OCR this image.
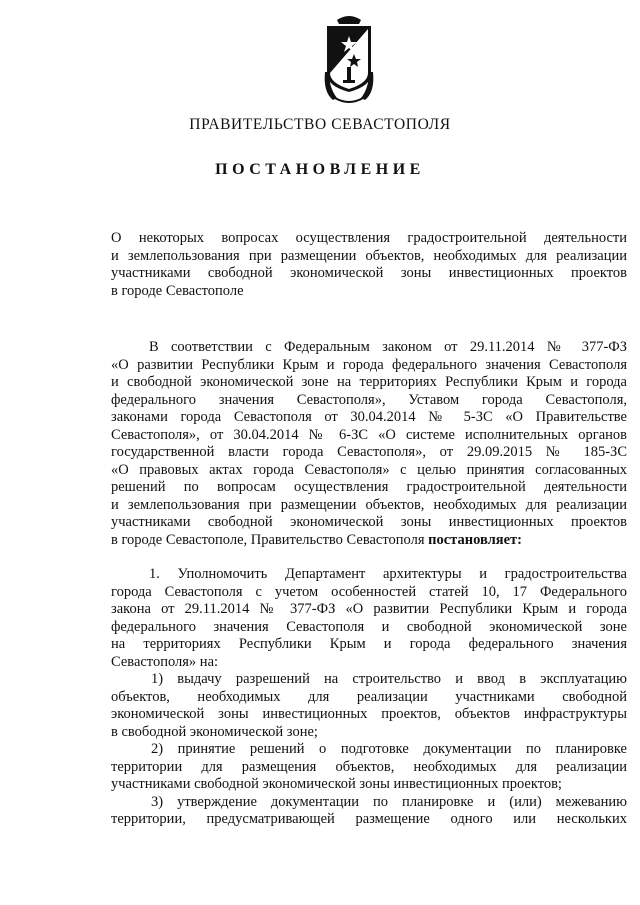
ПРАВИТЕЛЬСТВО СЕВАСТОПОЛЯ
ПОСТАНОВЛЕНИЕ
О некоторых вопросах осуществления градостроительной деятельности
и землепользования при размещении объектов, необходимых для реализации
участниками свободной экономической зоны инвестиционных проектов
в городе Севастополе
В соответствии с Федеральным законом от 29.11.2014 № 377-ФЗ
«О развитии Республики Крым и города федерального значения Севастополя
и свободной экономической зоне на территориях Республики Крым и города
федерального значения Севастополя», Уставом города Севастополя,
законами города Севастополя от 30.04.2014 № 5-ЗС «О Правительстве
Севастополя», от 30.04.2014 № 6-ЗС «О системе исполнительных органов
государственной власти города Севастополя», от 29.09.2015 № 185-ЗС
«О правовых актах города Севастополя» с целью принятия согласованных
решений по вопросам осуществления градостроительной деятельности
и землепользования при размещении объектов, необходимых для реализации
участниками свободной экономической зоны инвестиционных проектов
в городе Севастополе, Правительство Севастополя постановляет:
1. Уполномочить Департамент архитектуры и градостроительства
города Севастополя с учетом особенностей статей 10, 17 Федерального
закона от 29.11.2014 № 377-ФЗ «О развитии Республики Крым и города
федерального значения Севастополя и свободной экономической зоне
на территориях Республики Крым и города федерального значения
Севастополя» на:
1) выдачу разрешений на строительство и ввод в эксплуатацию
объектов, необходимых для реализации участниками свободной
экономической зоны инвестиционных проектов, объектов инфраструктуры
в свободной экономической зоне;
2) принятие решений о подготовке документации по планировке
территории для размещения объектов, необходимых для реализации
участниками свободной экономической зоны инвестиционных проектов;
3) утверждение документации по планировке и (или) межеванию
территории, предусматривающей размещение одного или нескольких
